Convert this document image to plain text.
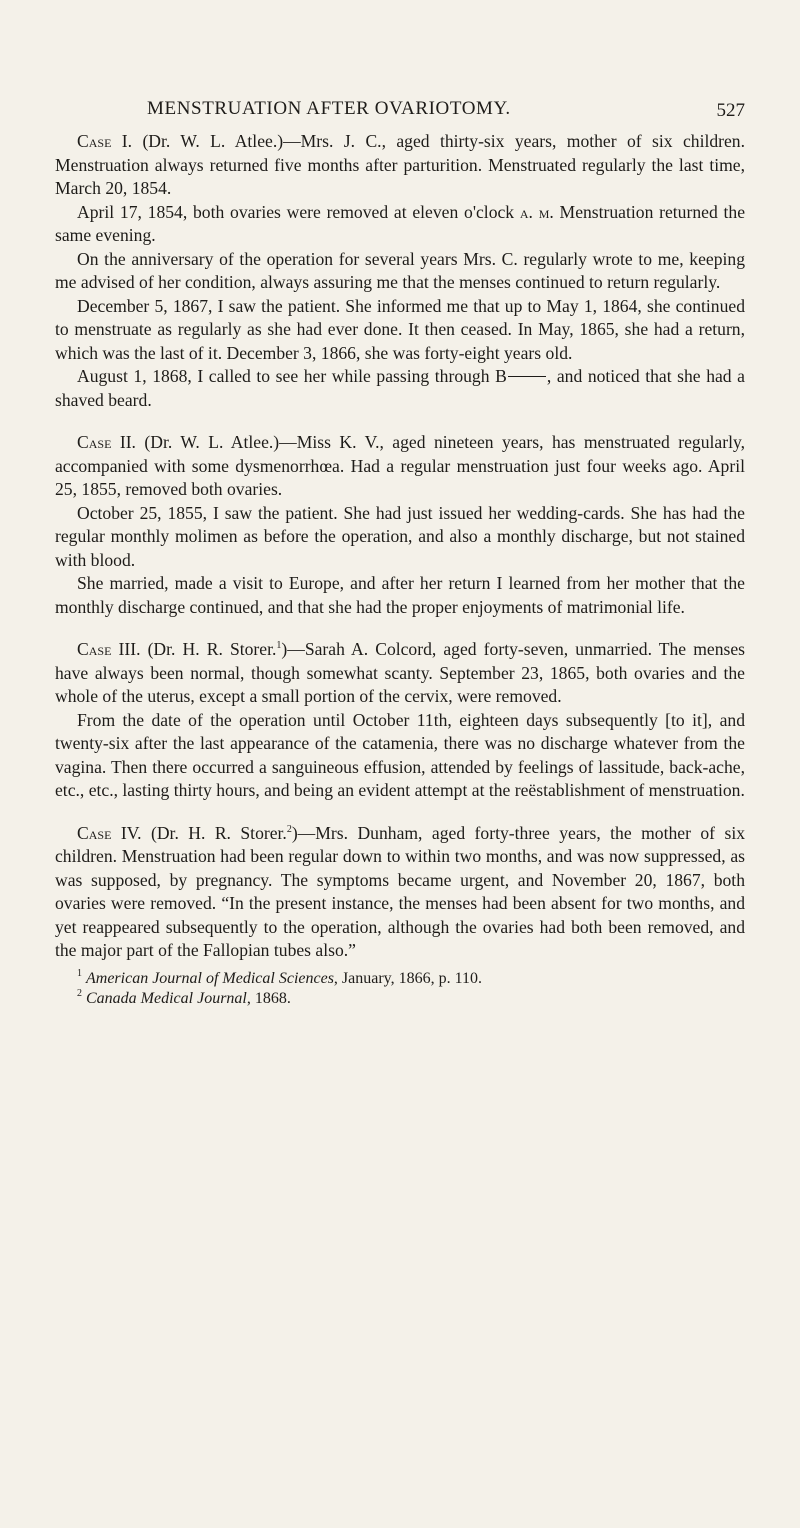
MENSTRUATION AFTER OVARIOTOMY.	527

Case I. (Dr. W. L. Atlee.)—Mrs. J. C., aged thirty-six years, mother of six children. Menstruation always returned five months after parturition. Menstruated regularly the last time, March 20, 1854.

April 17, 1854, both ovaries were removed at eleven o'clock a. m. Menstruation returned the same evening.

On the anniversary of the operation for several years Mrs. C. regularly wrote to me, keeping me advised of her condition, always assuring me that the menses continued to return regularly.

December 5, 1867, I saw the patient. She informed me that up to May 1, 1864, she continued to menstruate as regularly as she had ever done. It then ceased. In May, 1865, she had a return, which was the last of it. December 3, 1866, she was forty-eight years old.

August 1, 1868, I called to see her while passing through B , and noticed that she had a shaved beard.

Case II. (Dr. W. L. Atlee.)—Miss K. V., aged nineteen years, has menstruated regularly, accompanied with some dysmenorrhœa. Had a regular menstruation just four weeks ago. April 25, 1855, removed both ovaries.

October 25, 1855, I saw the patient. She had just issued her wedding-cards. She has had the regular monthly molimen as before the operation, and also a monthly discharge, but not stained with blood.

She married, made a visit to Europe, and after her return I learned from her mother that the monthly discharge continued, and that she had the proper enjoyments of matrimonial life.

Case III. (Dr. H. R. Storer.$^1$)—Sarah A. Colcord, aged forty-seven, unmarried. The menses have always been normal, though somewhat scanty. September 23, 1865, both ovaries and the whole of the uterus, except a small portion of the cervix, were removed.

From the date of the operation until October 11th, eighteen days subsequently [to it], and twenty-six after the last appearance of the catamenia, there was no discharge whatever from the vagina. Then there occurred a sanguineous effusion, attended by feelings of lassitude, back-ache, etc., etc., lasting thirty hours, and being an evident attempt at the reëstablishment of menstruation.

Case IV. (Dr. H. R. Storer.$^2$)—Mrs. Dunham, aged forty-three years, the mother of six children. Menstruation had been regular down to within two months, and was now suppressed, as was supposed, by pregnancy. The symptoms became urgent, and November 20, 1867, both ovaries were removed. “In the present instance, the menses had been absent for two months, and yet reappeared subsequently to the operation, although the ovaries had both been removed, and the major part of the Fallopian tubes also.”

$^1$ American Journal of Medical Sciences, January, 1866, p. 110.

$^2$ Canada Medical Journal, 1868.
